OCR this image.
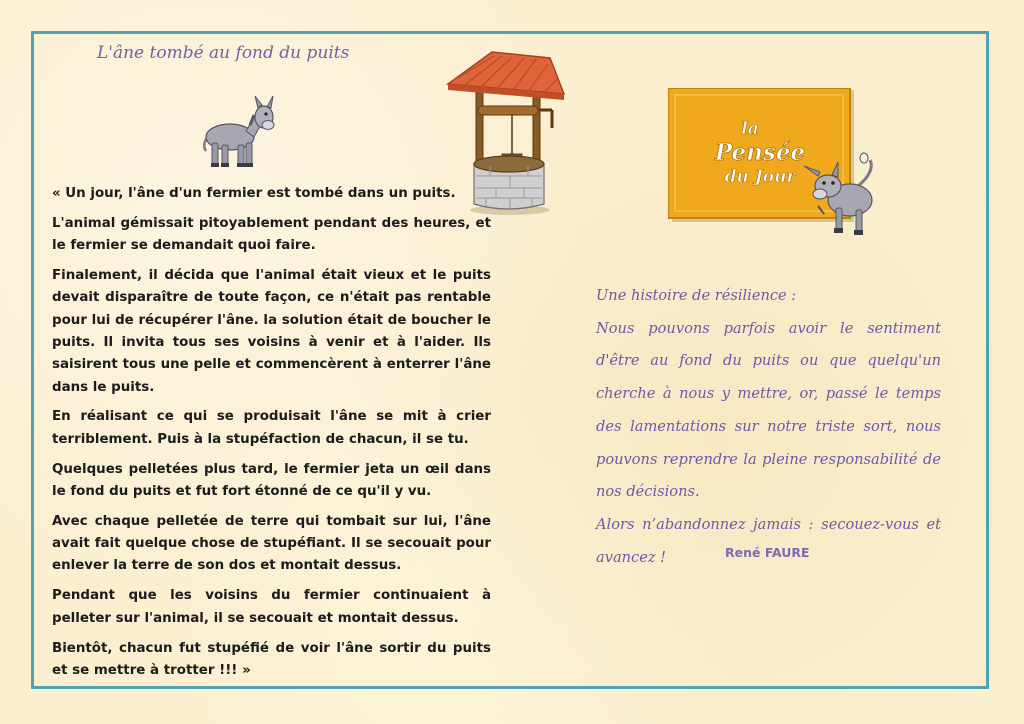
L'âne tombé au fond du puits
la
Pensée
du Jour

« Un jour, l'âne d'un fermier est tombé dans un puits.

L'animal gémissait pitoyablement pendant des heures, et le fermier se demandait quoi faire.

Finalement, il décida que l'animal était vieux et le puits devait disparaître de toute façon, ce n'était pas rentable pour lui de récupérer l'âne. la solution était de boucher le puits. Il invita tous ses voisins à venir et à l'aider. Ils saisirent tous une pelle et commencèrent à enterrer l'âne dans le puits.

En réalisant ce qui se produisait l'âne se mit à crier terriblement. Puis à la stupéfaction de chacun, il se tu.

Quelques pelletées plus tard, le fermier jeta un œil dans le fond du puits et fut fort étonné de ce qu'il y vu.

Avec chaque pelletée de terre qui tombait sur lui, l'âne avait fait quelque chose de stupéfiant. Il se secouait pour enlever la terre de son dos et montait dessus.

Pendant que les voisins du fermier continuaient à pelleter sur l'animal, il se secouait et montait dessus.

Bientôt, chacun fut stupéfié de voir l'âne sortir du puits et se mettre à trotter !!! »

Une histoire de résilience :

Nous pouvons parfois avoir le sentiment d'être au fond du puits ou que quelqu'un cherche à nous y mettre, or, passé le temps des lamentations sur notre triste sort, nous pouvons reprendre la pleine responsabilité de nos décisions.

Alors n’abandonnez jamais : secouez-vous et avancez !	René FAURE
